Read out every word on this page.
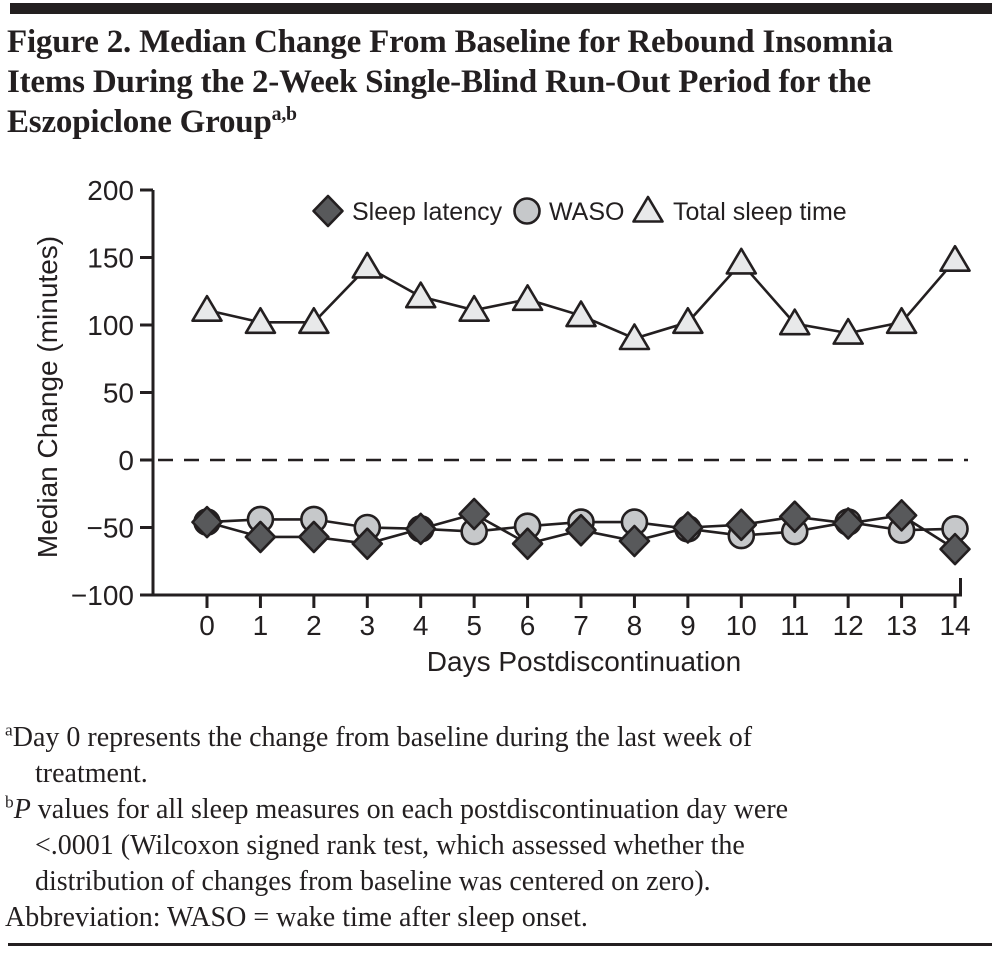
Figure 2. Median Change From Baseline for Rebound Insomnia
Items During the 2-Week Single-Blind Run-Out Period for the
Eszopiclone Group$^{a,b}$
200
150
100
50
0
−50
−100
0 1 2 3 4 5 6 7 8 9 10 11 12 13 14
Sleep latency WASO Total sleep time
Days Postdiscontinuation
Median Change (minutes)
$^a$Day 0 represents the change from baseline during the last week of
treatment.
$^b$P values for all sleep measures on each postdiscontinuation day were
<.0001 (Wilcoxon signed rank test, which assessed whether the
distribution of changes from baseline was centered on zero).
Abbreviation: WASO = wake time after sleep onset.
